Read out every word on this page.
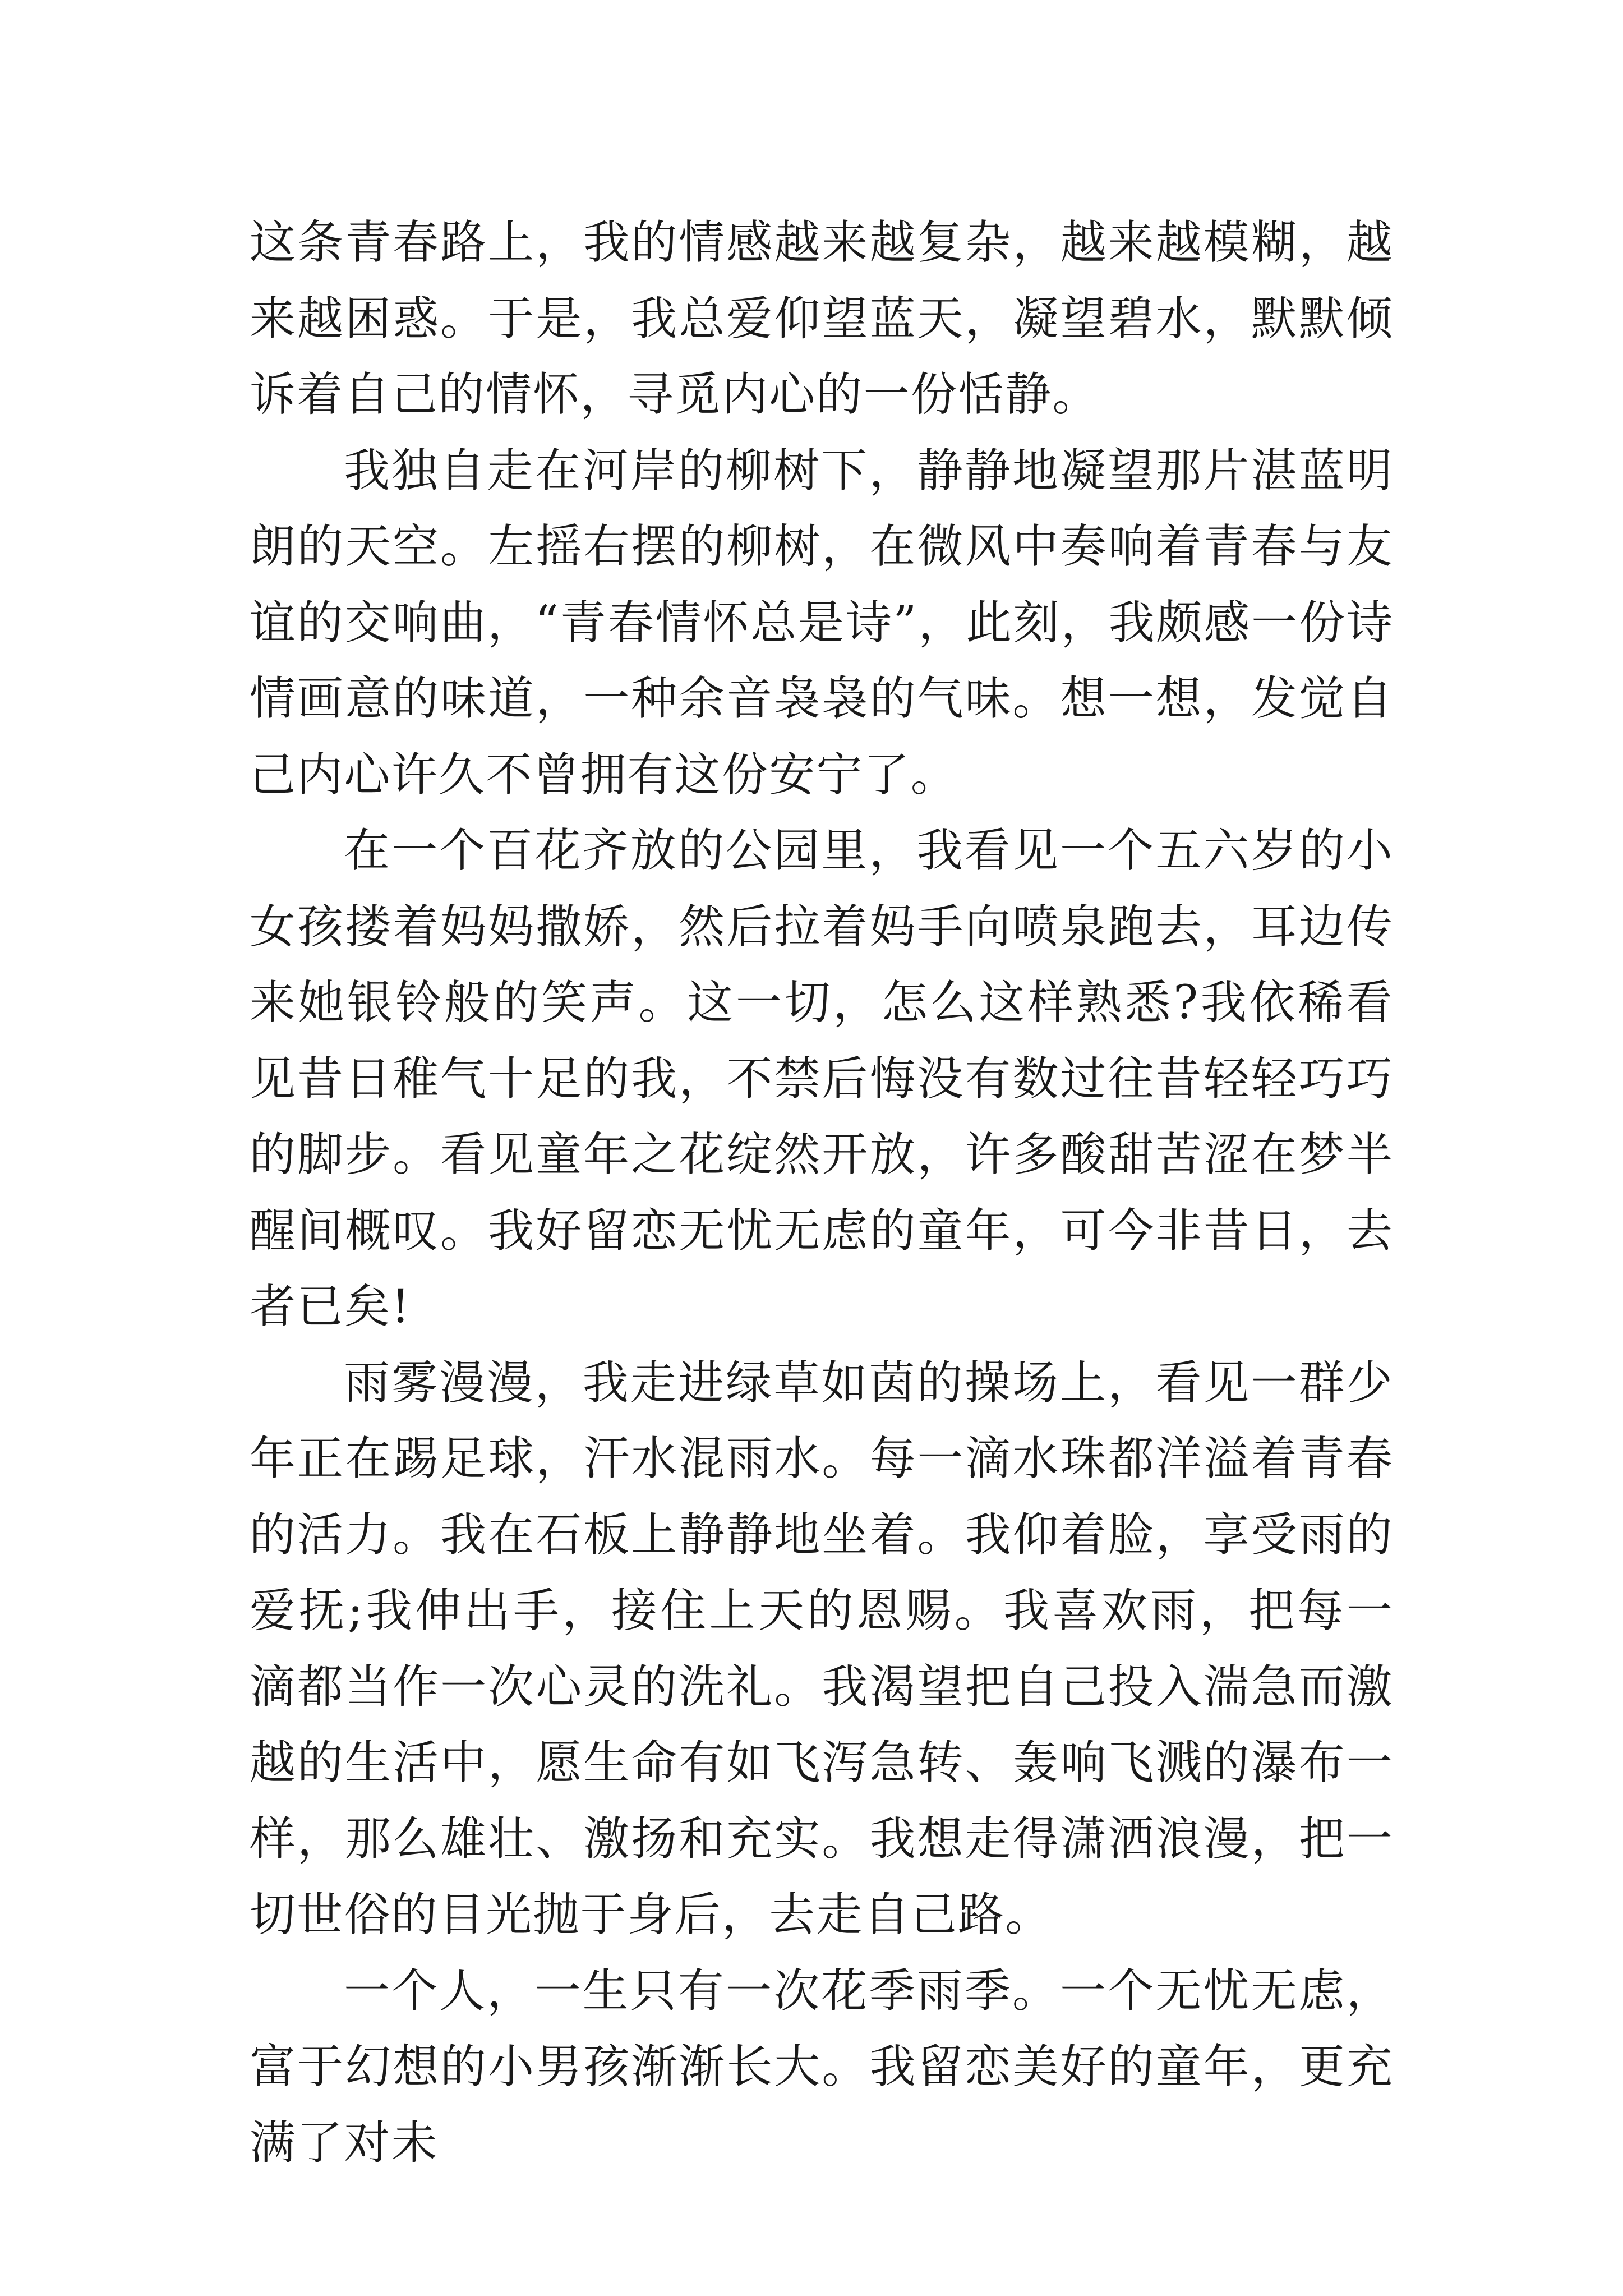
这条青春路上，我的情感越来越复杂，越来越模糊，越来越困惑。于是，我总爱仰望蓝天，凝望碧水，默默倾诉着自己的情怀，寻觅内心的一份恬静。

我独自走在河岸的柳树下，静静地凝望那片湛蓝明朗的天空。左摇右摆的柳树，在微风中奏响着青春与友谊的交响曲，“青春情怀总是诗”，此刻，我颇感一份诗情画意的味道，一种余音袅袅的气味。想一想，发觉自己内心许久不曾拥有这份安宁了。

在一个百花齐放的公园里，我看见一个五六岁的小女孩搂着妈妈撒娇，然后拉着妈手向喷泉跑去，耳边传来她银铃般的笑声。这一切，怎么这样熟悉?我依稀看见昔日稚气十足的我，不禁后悔没有数过往昔轻轻巧巧的脚步。看见童年之花绽然开放，许多酸甜苦涩在梦半醒间概叹。我好留恋无忧无虑的童年，可今非昔日，去者已矣!

雨雾漫漫，我走进绿草如茵的操场上，看见一群少年正在踢足球，汗水混雨水。每一滴水珠都洋溢着青春的活力。我在石板上静静地坐着。我仰着脸，享受雨的爱抚;我伸出手，接住上天的恩赐。我喜欢雨，把每一滴都当作一次心灵的洗礼。我渴望把自己投入湍急而激越的生活中，愿生命有如飞泻急转、轰响飞溅的瀑布一样，那么雄壮、激扬和充实。我想走得潇洒浪漫，把一切世俗的目光抛于身后，去走自己路。

一个人，一生只有一次花季雨季。一个无忧无虑，富于幻想的小男孩渐渐长大。我留恋美好的童年，更充满了对未
